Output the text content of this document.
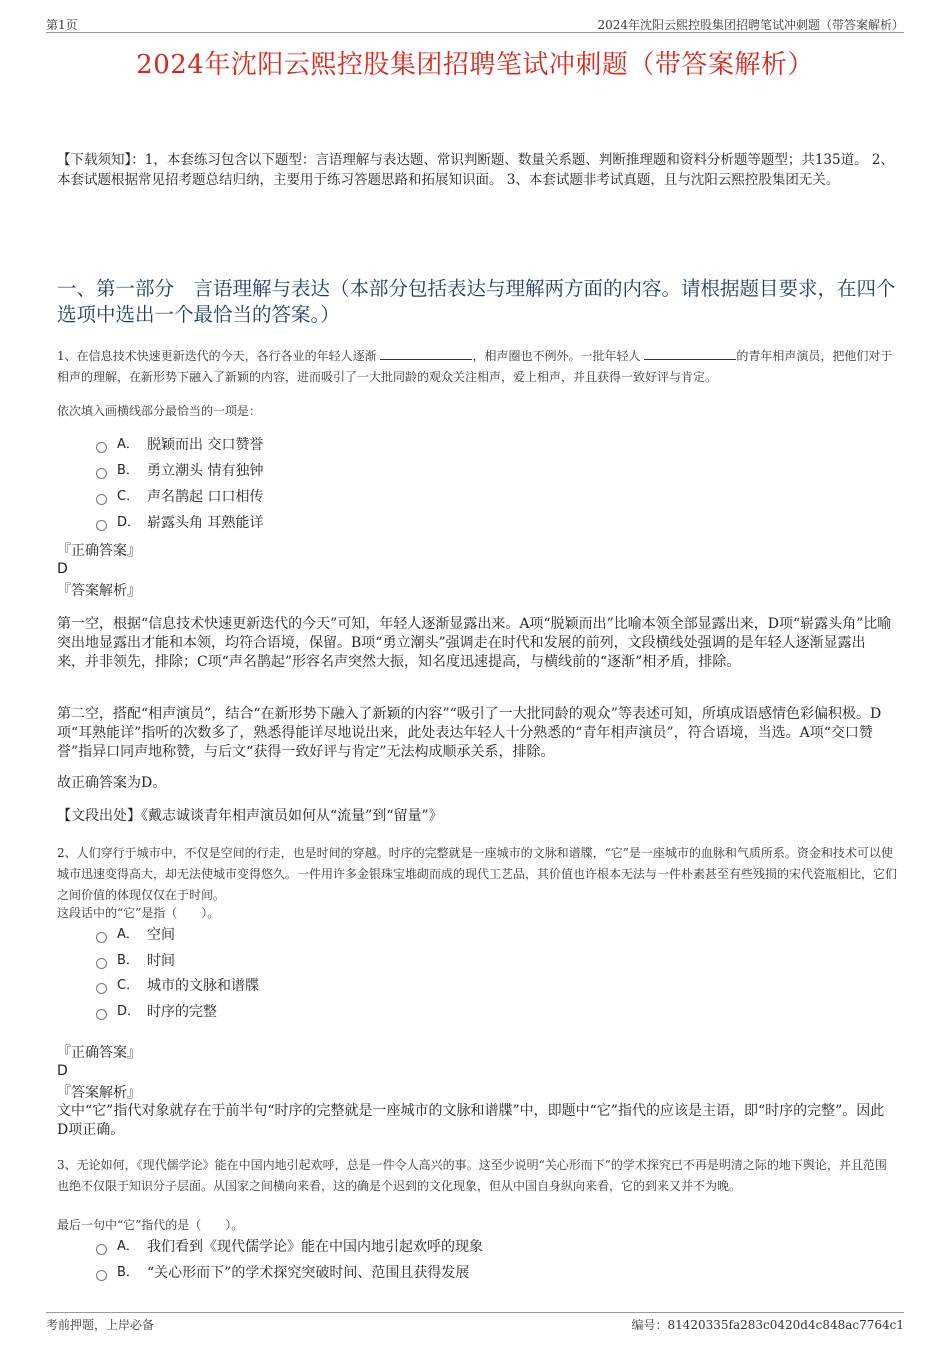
第1页	2024年沈阳云熙控股集团招聘笔试冲刺题（带答案解析）
2024年沈阳云熙控股集团招聘笔试冲刺题（带答案解析）
【下载须知】：1，本套练习包含以下题型：言语理解与表达题、常识判断题、数量关系题、判断推理题和资料分析题等题型；共135道。 2、本套试题根据常见招考题总结归纳，主要用于练习答题思路和拓展知识面。 3、本套试题非考试真题，且与沈阳云熙控股集团无关。
一、第一部分　言语理解与表达（本部分包括表达与理解两方面的内容。请根据题目要求，在四个选项中选出一个最恰当的答案。）
1、在信息技术快速更新迭代的今天，各行各业的年轻人逐渐	，相声圈也不例外。一批年轻人	的青年相声演员，把他们对于相声的理解，在新形势下融入了新颖的内容，进而吸引了一大批同龄的观众关注相声，爱上相声，并且获得一致好评与肯定。
依次填入画横线部分最恰当的一项是：
A． 脱颖而出 交口赞誉
B． 勇立潮头 情有独钟
C． 声名鹊起 口口相传
D． 崭露头角 耳熟能详
『正确答案』
D
『答案解析』
第一空，根据“信息技术快速更新迭代的今天”可知，年轻人逐渐显露出来。A项“脱颖而出”比喻本领全部显露出来，D项“崭露头角”比喻突出地显露出才能和本领，均符合语境，保留。B项“勇立潮头”强调走在时代和发展的前列，文段横线处强调的是年轻人逐渐显露出来，并非领先，排除；C项“声名鹊起”形容名声突然大振，知名度迅速提高，与横线前的“逐渐”相矛盾，排除。
第二空，搭配“相声演员”，结合“在新形势下融入了新颖的内容”“吸引了一大批同龄的观众”等表述可知，所填成语感情色彩偏积极。D项“耳熟能详”指听的次数多了，熟悉得能详尽地说出来，此处表达年轻人十分熟悉的“青年相声演员”，符合语境，当选。A项“交口赞誉”指异口同声地称赞，与后文“获得一致好评与肯定”无法构成顺承关系，排除。
故正确答案为D。
【文段出处】《戴志诚谈青年相声演员如何从“流量”到“留量”》
2、人们穿行于城市中，不仅是空间的行走，也是时间的穿越。时序的完整就是一座城市的文脉和谱牒，“它”是一座城市的血脉和气质所系。资金和技术可以使城市迅速变得高大，却无法使城市变得悠久。一件用许多金银珠宝堆砌而成的现代工艺品，其价值也许根本无法与一件朴素甚至有些残损的宋代瓷瓶相比，它们之间价值的体现仅仅在于时间。
这段话中的“它”是指（　　）。
A． 空间
B． 时间
C． 城市的文脉和谱牒
D． 时序的完整
『正确答案』
D
『答案解析』
文中“它”指代对象就存在于前半句“时序的完整就是一座城市的文脉和谱牒”中，即题中“它”指代的应该是主语，即“时序的完整”。因此D项正确。
3、无论如何，《现代儒学论》能在中国内地引起欢呼，总是一件令人高兴的事。这至少说明“关心形而下”的学术探究已不再是明清之际的地下舆论，并且范围也绝不仅限于知识分子层面。从国家之间横向来看，这的确是个迟到的文化现象，但从中国自身纵向来看，它的到来又并不为晚。
最后一句中“它”指代的是（　　）。
A． 我们看到《现代儒学论》能在中国内地引起欢呼的现象
B． “关心形而下”的学术探究突破时间、范围且获得发展
考前押题，上岸必备	编号：81420335fa283c0420d4c848ac7764c1
